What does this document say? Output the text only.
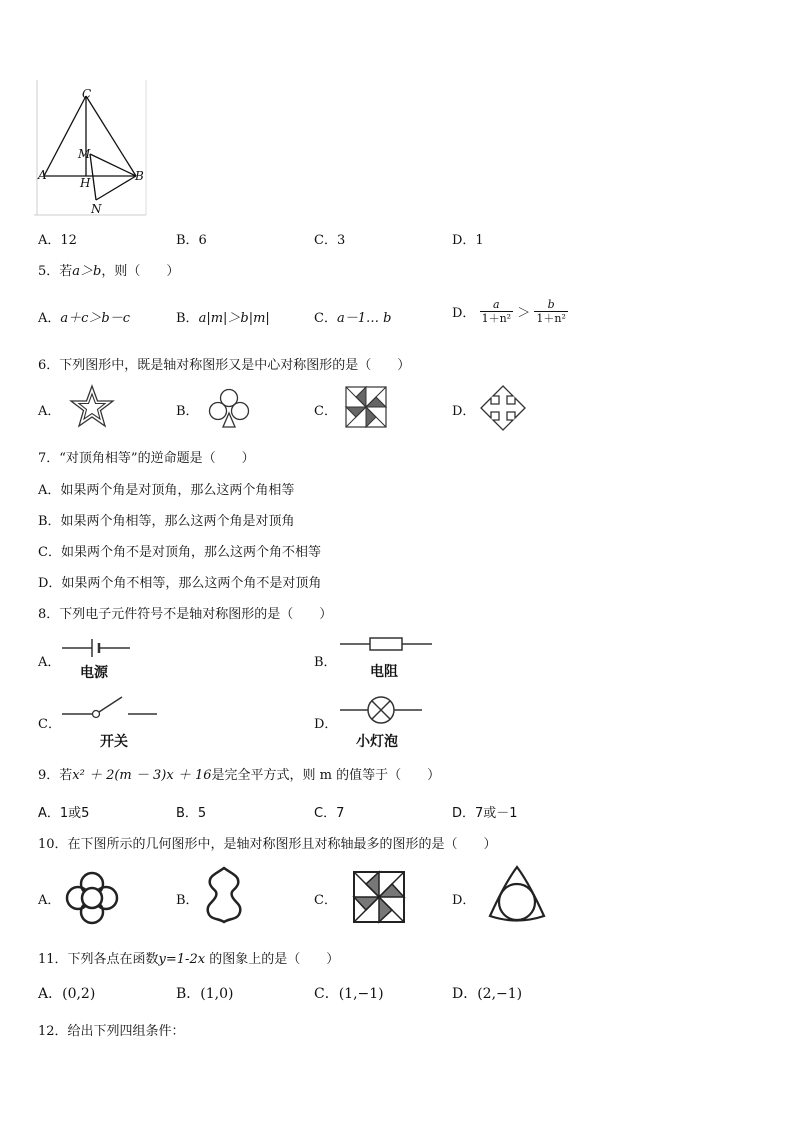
C
M
A
H	B
N
A．12	B．6	C．3	D．1
5．若a＞b，则（　　）
A．a＋c＞b－c	B．a|m|＞b|m|	C．a－1… b	D． $\frac{a}{\text{1＋n²}} > \frac{b}{\text{1＋n²}}$
6．下列图形中，既是轴对称图形又是中心对称图形的是（　　）
A．	B．	C．	D．
7．“对顶角相等”的逆命题是（　　）
A．如果两个角是对顶角，那么这两个角相等
B．如果两个角相等，那么这两个角是对顶角
C．如果两个角不是对顶角，那么这两个角不相等
D．如果两个角不相等，那么这两个角不是对顶角
8．下列电子元件符号不是轴对称图形的是（　　）
A．
电源
B．
电阻
C．
开关
D．
小灯泡
9．若x² ＋ 2(m － 3)x ＋ 16是完全平方式，则 m 的值等于（　　）
A．1或5	B．5	C．7	D．7或－1
10．在下图所示的几何图形中，是轴对称图形且对称轴最多的图形的是（　　）
A．	B．	C．	D．
11．下列各点在函数y=1-2x 的图象上的是（　　）
A．(0,2)	B．(1,0)	C．(1,−1)	D．(2,−1)
12．给出下列四组条件：
